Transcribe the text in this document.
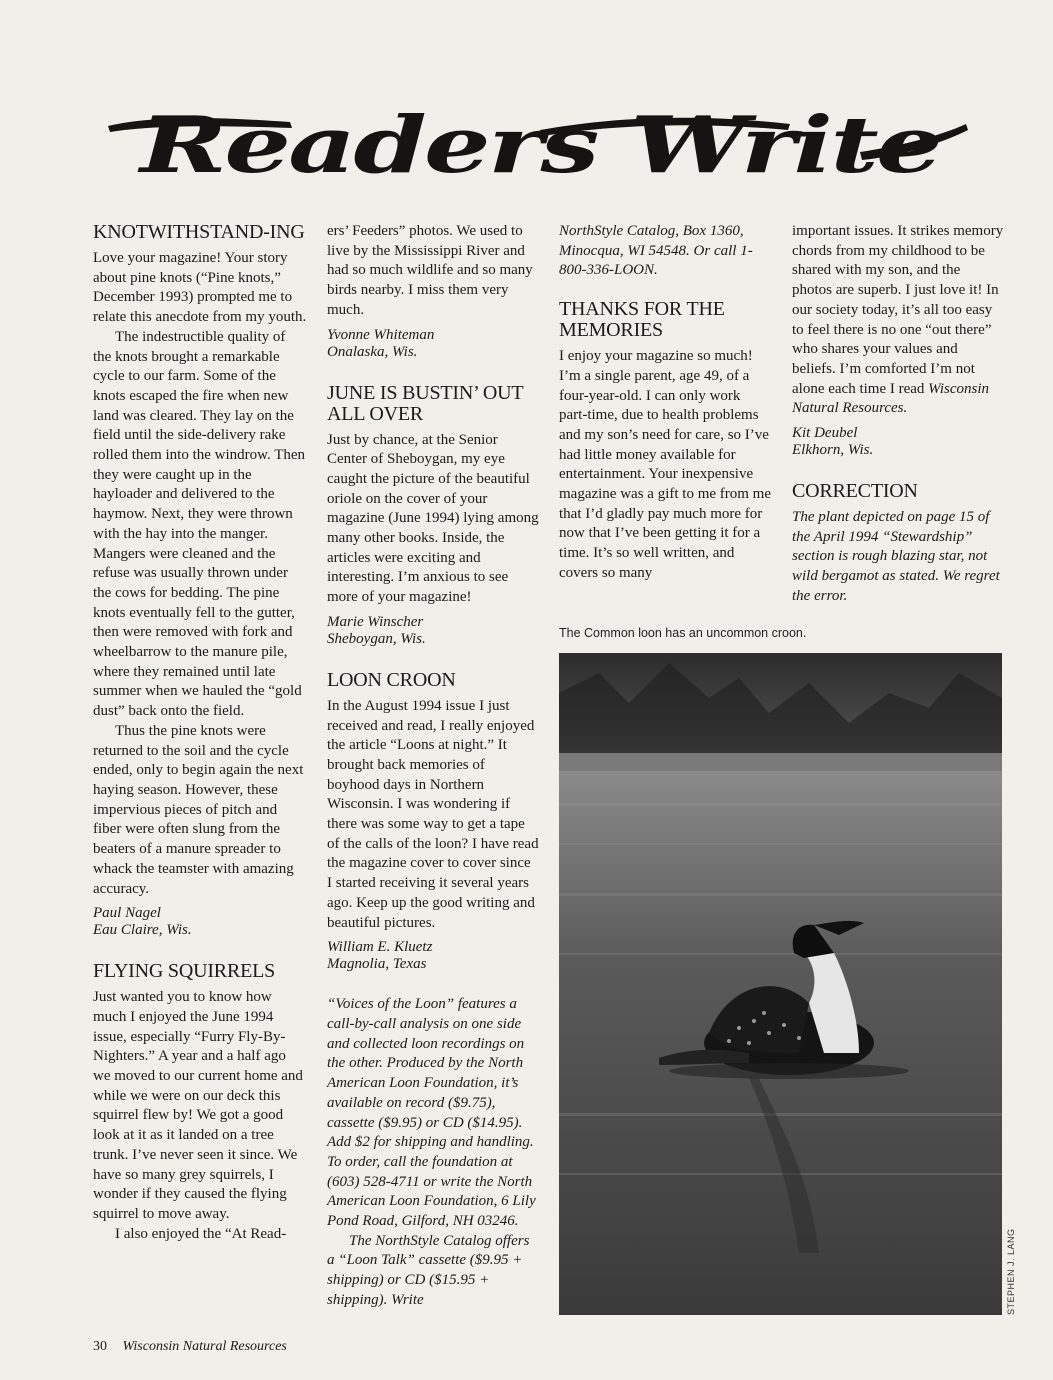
Readers Write
KNOTWITHSTAND-ING

Love your magazine! Your story about pine knots (“Pine knots,” December 1993) prompted me to relate this anecdote from my youth.

The indestructible quality of the knots brought a remarkable cycle to our farm. Some of the knots escaped the fire when new land was cleared. They lay on the field until the side-delivery rake rolled them into the windrow. Then they were caught up in the hayloader and delivered to the haymow. Next, they were thrown with the hay into the manger. Mangers were cleaned and the refuse was usually thrown under the cows for bedding. The pine knots eventually fell to the gutter, then were removed with fork and wheelbarrow to the manure pile, where they remained until late summer when we hauled the “gold dust” back onto the field.

Thus the pine knots were returned to the soil and the cycle ended, only to begin again the next haying season. However, these impervious pieces of pitch and fiber were often slung from the beaters of a manure spreader to whack the teamster with amazing accuracy.

Paul Nagel
Eau Claire, Wis.
FLYING SQUIRRELS

Just wanted you to know how much I enjoyed the June 1994 issue, especially “Furry Fly-By-Nighters.” A year and a half ago we moved to our current home and while we were on our deck this squirrel flew by! We got a good look at it as it landed on a tree trunk. I’ve never seen it since. We have so many grey squirrels, I wonder if they caused the flying squirrel to move away.

I also enjoyed the “At Read-

ers’ Feeders” photos. We used to live by the Mississippi River and had so much wildlife and so many birds nearby. I miss them very much.

Yvonne Whiteman
Onalaska, Wis.
JUNE IS BUSTIN’ OUT ALL OVER

Just by chance, at the Senior Center of Sheboygan, my eye caught the picture of the beautiful oriole on the cover of your magazine (June 1994) lying among many other books. Inside, the articles were exciting and interesting. I’m anxious to see more of your magazine!

Marie Winscher
Sheboygan, Wis.
LOON CROON

In the August 1994 issue I just received and read, I really enjoyed the article “Loons at night.” It brought back memories of boyhood days in Northern Wisconsin. I was wondering if there was some way to get a tape of the calls of the loon? I have read the magazine cover to cover since I started receiving it several years ago. Keep up the good writing and beautiful pictures.

William E. Kluetz
Magnolia, Texas

“Voices of the Loon” features a call-by-call analysis on one side and collected loon recordings on the other. Produced by the North American Loon Foundation, it’s available on record ($9.75), cassette ($9.95) or CD ($14.95). Add $2 for shipping and handling. To order, call the foundation at (603) 528-4711 or write the North American Loon Foundation, 6 Lily Pond Road, Gilford, NH 03246.

The NorthStyle Catalog offers a “Loon Talk” cassette ($9.95 + shipping) or CD ($15.95 + shipping). Write

NorthStyle Catalog, Box 1360, Minocqua, WI 54548. Or call 1-800-336-LOON.

THANKS FOR THE MEMORIES

I enjoy your magazine so much! I’m a single parent, age 49, of a four-year-old. I can only work part-time, due to health problems and my son’s need for care, so I’ve had little money available for entertainment. Your inexpensive magazine was a gift to me from me that I’d gladly pay much more for now that I’ve been getting it for a time. It’s so well written, and covers so many

important issues. It strikes memory chords from my childhood to be shared with my son, and the photos are superb. I just love it! In our society today, it’s all too easy to feel there is no one “out there” who shares your values and beliefs. I’m comforted I’m not alone each time I read Wisconsin Natural Resources.

Kit Deubel
Elkhorn, Wis.
CORRECTION

The plant depicted on page 15 of the April 1994 “Stewardship” section is rough blazing star, not wild bergamot as stated. We regret the error.

The Common loon has an uncommon croon.
STEPHEN J. LANG
30 Wisconsin Natural Resources
